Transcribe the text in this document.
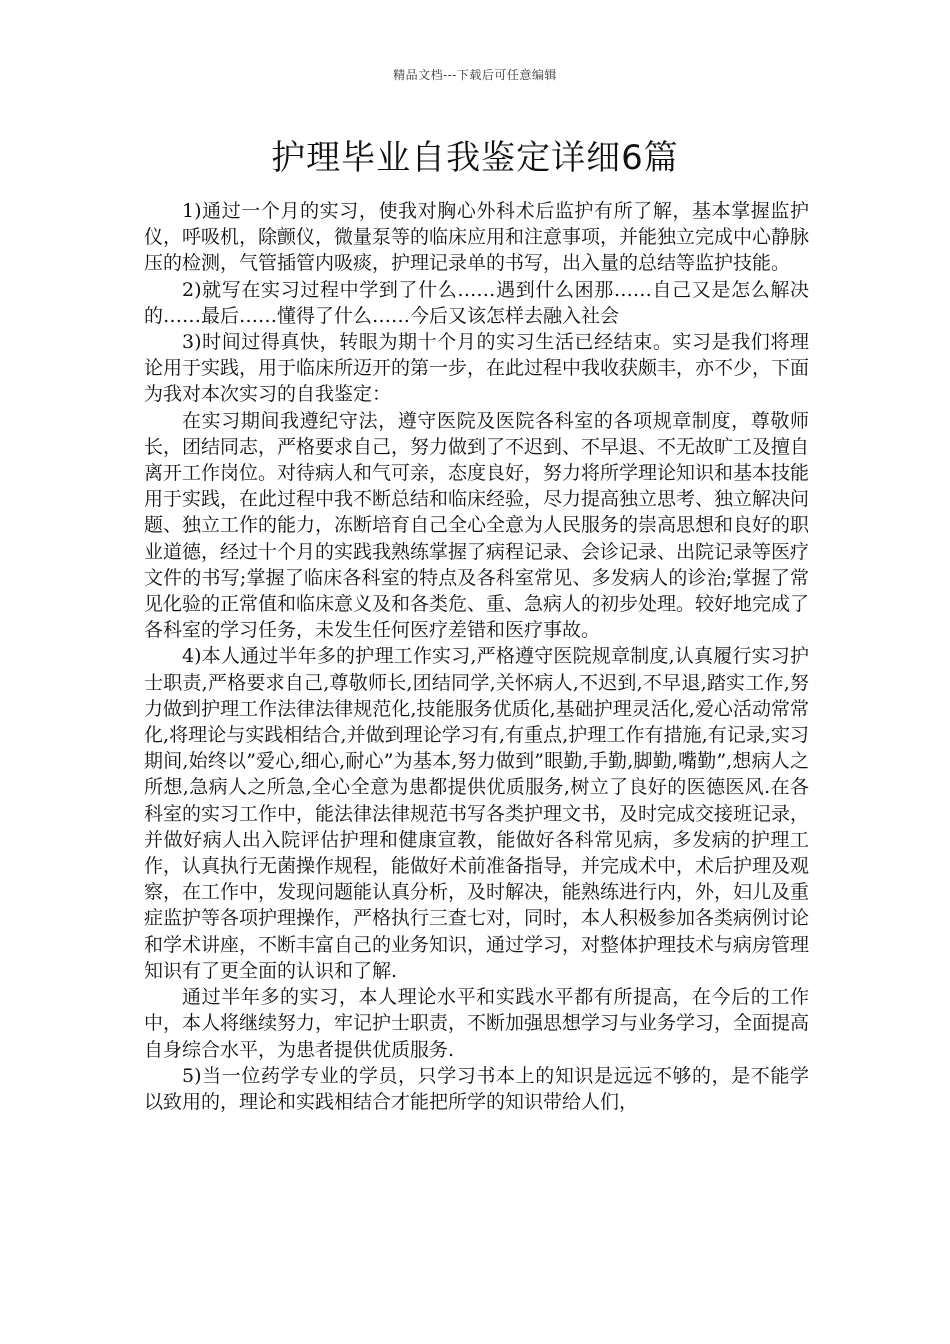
精品文档---下载后可任意编辑
护理毕业自我鉴定详细6篇

1)通过一个月的实习，使我对胸心外科术后监护有所了解，基本掌握监护仪，呼吸机，除颤仪，微量泵等的临床应用和注意事项，并能独立完成中心静脉压的检测，气管插管内吸痰，护理记录单的书写，出入量的总结等监护技能。

2)就写在实习过程中学到了什么……遇到什么困那……自己又是怎么解决的……最后……懂得了什么……今后又该怎样去融入社会

3)时间过得真快，转眼为期十个月的实习生活已经结束。实习是我们将理论用于实践，用于临床所迈开的第一步，在此过程中我收获颇丰，亦不少，下面为我对本次实习的自我鉴定：

在实习期间我遵纪守法，遵守医院及医院各科室的各项规章制度，尊敬师长，团结同志，严格要求自己，努力做到了不迟到、不早退、不无故旷工及擅自离开工作岗位。对待病人和气可亲，态度良好，努力将所学理论知识和基本技能用于实践，在此过程中我不断总结和临床经验，尽力提高独立思考、独立解决问题、独立工作的能力，冻断培育自己全心全意为人民服务的崇高思想和良好的职业道德，经过十个月的实践我熟练掌握了病程记录、会诊记录、出院记录等医疗文件的书写;掌握了临床各科室的特点及各科室常见、多发病人的诊治;掌握了常见化验的正常值和临床意义及和各类危、重、急病人的初步处理。较好地完成了各科室的学习任务，未发生任何医疗差错和医疗事故。

4)本人通过半年多的护理工作实习,严格遵守医院规章制度,认真履行实习护士职责,严格要求自己,尊敬师长,团结同学,关怀病人,不迟到,不早退,踏实工作,努力做到护理工作法律法律规范化,技能服务优质化,基础护理灵活化,爱心活动常常化,将理论与实践相结合,并做到理论学习有,有重点,护理工作有措施,有记录,实习期间,始终以”爱心,细心,耐心”为基本,努力做到”眼勤,手勤,脚勤,嘴勤”,想病人之所想,急病人之所急,全心全意为患都提供优质服务,树立了良好的医德医风.在各科室的实习工作中，能法律法律规范书写各类护理文书，及时完成交接班记录，并做好病人出入院评估护理和健康宣教，能做好各科常见病，多发病的护理工作，认真执行无菌操作规程，能做好术前准备指导，并完成术中，术后护理及观察，在工作中，发现问题能认真分析，及时解决，能熟练进行内，外，妇儿及重症监护等各项护理操作，严格执行三查七对，同时，本人积极参加各类病例讨论和学术讲座，不断丰富自己的业务知识，通过学习，对整体护理技术与病房管理知识有了更全面的认识和了解.

通过半年多的实习，本人理论水平和实践水平都有所提高，在今后的工作中，本人将继续努力，牢记护士职责，不断加强思想学习与业务学习，全面提高自身综合水平，为患者提供优质服务.

5)当一位药学专业的学员，只学习书本上的知识是远远不够的，是不能学以致用的，理论和实践相结合才能把所学的知识带给人们，
